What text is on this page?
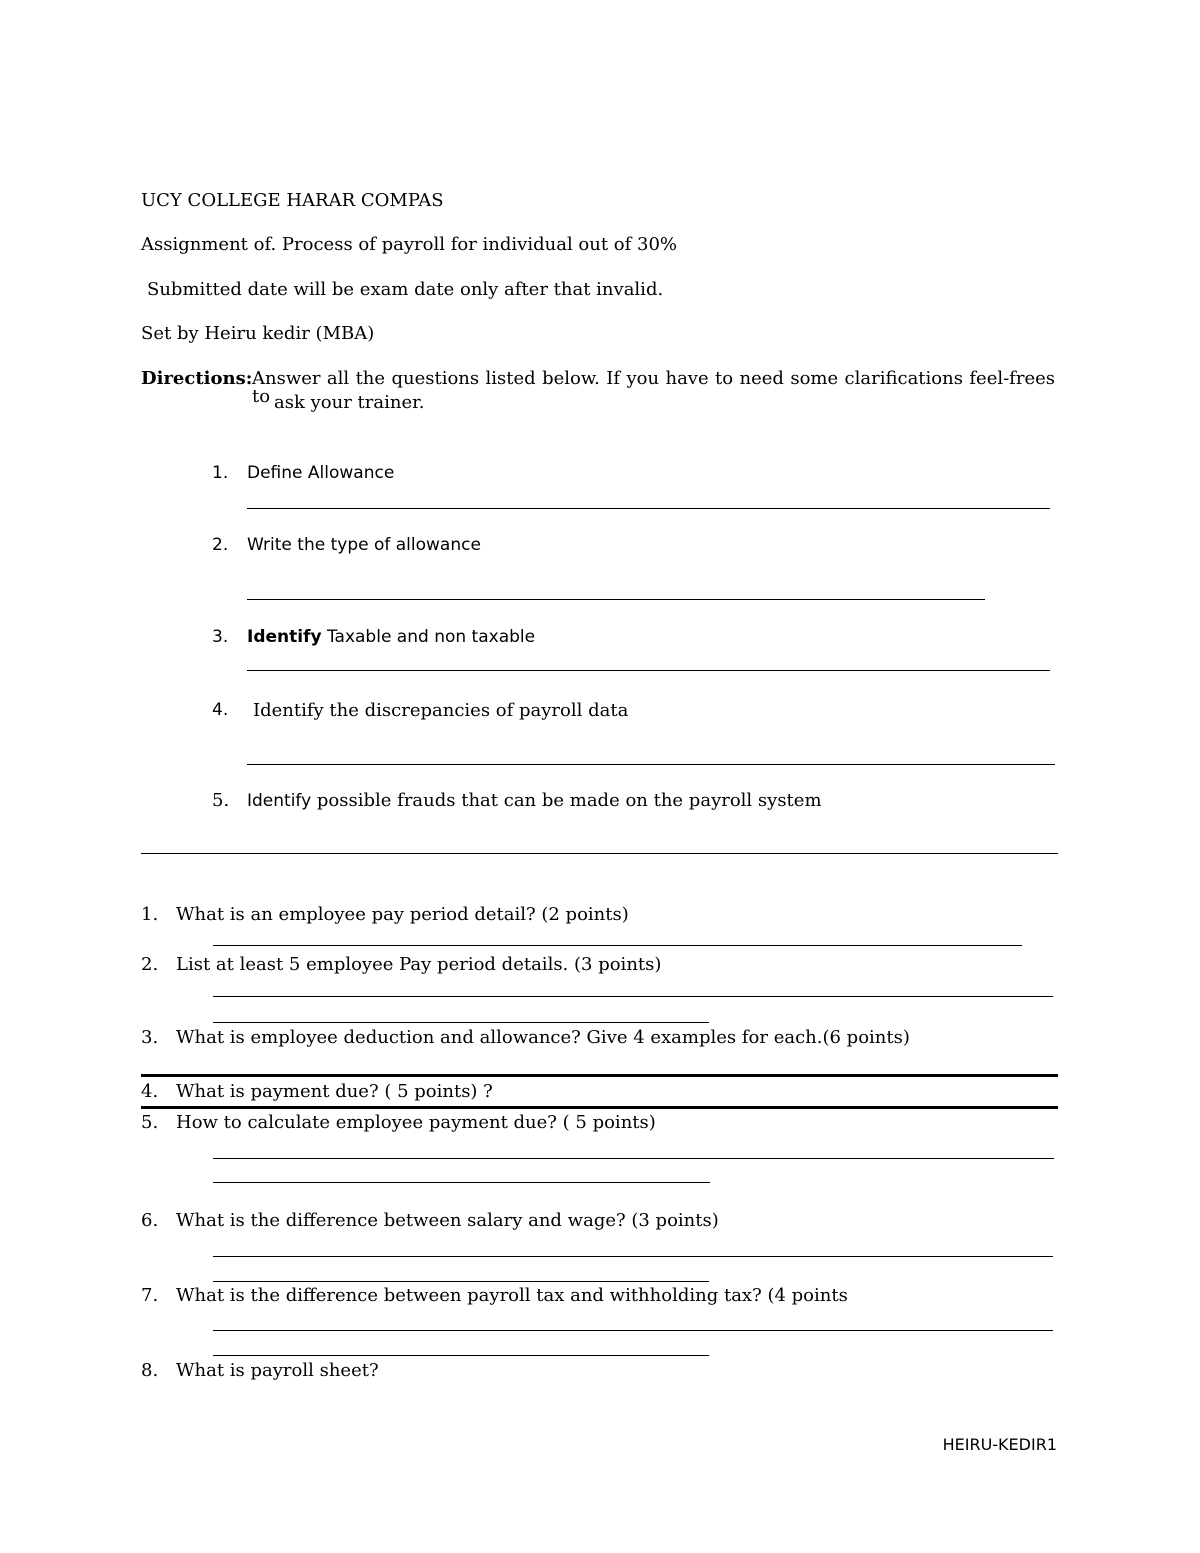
UCY COLLEGE HARAR COMPAS
Assignment of. Process of payroll for individual out of 30%
Submitted date will be exam date only after that invalid.
Set by Heiru kedir (MBA)
Directions: Answer all the questions listed below. If you have to need some clarifications feel-frees to ask your trainer.
1. Define Allowance
2. Write the type of allowance
3. Identify Taxable and non taxable
4. Identify the discrepancies of payroll data
5. Identify possible frauds that can be made on the payroll system
1. What is an employee pay period detail? (2 points)
2. List at least 5 employee Pay period details. (3 points)
3. What is employee deduction and allowance? Give 4 examples for each.(6 points)
4. What is payment due? ( 5 points) ?
5. How to calculate employee payment due? ( 5 points)
6. What is the difference between salary and wage? (3 points)
7. What is the difference between payroll tax and withholding tax? (4 points
8. What is payroll sheet?
HEIRU-KEDIR1
